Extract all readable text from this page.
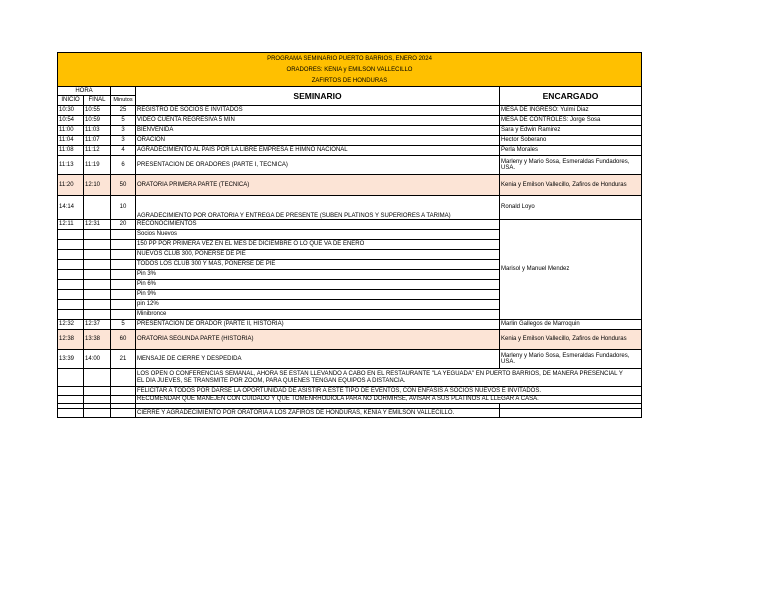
PROGRAMA SEMINARIO PUERTO BARRIOS, ENERO 2024				
ORADORES: KENIA y EMILSON VALLECILLO				
ZAFIRTOS DE HONDURAS				
HORA			SEMINARIO	ENCARGADO
INICIO	FINAL	Minutos		
10:30	10:55	25	REGISTRO DE SOCIOS E INVITADOS	MESA DE INGRESO: Yulmi Diaz
10:54	10:59	5	VIDEO CUENTA REGRESIVA 5 MIN	MESA DE CONTROLES: Jorge Sosa
11:00	11:03	3	BIENVENIDA	Sara y Edwin Ramirez
11:04	11:07	3	ORACION	Hector Soberano
11:08	11:12	4	AGRADECIMIENTO AL PAIS POR LA LIBRE EMPRESA E HIMNO NACIONAL	Perla Morales
11:13	11:19	6	PRESENTACION DE ORADORES (PARTE I, TECNICA)	Marleny y Mario Sosa, Esmeraldas Fundadores, USA.
11:20	12:10	50	ORATORIA PRIMERA PARTE (TECNICA)	Kenia y Emilson Vallecillo, Zafiros de Honduras
14:14		10	AGRADECIMIENTO POR ORATORIA Y ENTREGA DE PRESENTE (SUBEN PLATINOS Y SUPERIORES A TARIMA)	Ronald Loyo
12:11	12:31	20	RECONOCIMIENTOS	Marisol y Manuel Mendez
			Socios Nuevos	
			150 PP POR PRIMERA VEZ EN EL MES DE DICIEMBRE O LO QUE VA DE ENERO	
			NUEVOS CLUB 300, PONERSE DE PIE	
			TODOS LOS CLUB 300 Y MAS, PONERSE DE PIE	
			Pin 3%	
			Pin 6%	
			Pin 9%	
			pin 12%	
			Minibronce	
12:32	12:37	5	PRESENTACION DE ORADOR (PARTE II, HISTORIA)	Marlin Gallegos de Marroquin
12:38	13:38	60	ORATORIA SEGUNDA PARTE (HISTORIA)	Kenia y Emilson Vallecillo, Zafiros de Honduras
13:39	14:00	21	MENSAJE DE CIERRE Y DESPEDIDA	Marleny y Mario Sosa, Esmeraldas Fundadores, USA.

			LOS OPEN O CONFERENCIAS SEMANAL, AHORA SE ESTAN LLEVANDO A CABO EN EL RESTAURANTE "LA YEGUADA" EN PUERTO BARRIOS, DE MANERA PRESENCIAL Y
EL DIA JUEVES, SE TRANSMITE POR ZOOM, PARA QUIENES TENGAN EQUIPOS A DISTANCIA.	

			FELICITAR A TODOS POR DARSE LA OPORTUNIDAD DE ASISTIR A ESTE TIPO DE EVENTOS, CON ENFASIS A SOCIOS NUEVOS E INVITADOS.	
			RECOMENDAR QUE MANEJEN CON CUIDADO Y QUE TOMENRHODIOLA PARA NO DORMIRSE, AVISAR A SUS PLATINOS AL LLEGAR A CASA.	

			CIERRE Y AGRADECIMIENTO POR ORATORIA A LOS ZAFIROS DE HONDURAS, KENIA Y EMILSON VALLECILLO.	
